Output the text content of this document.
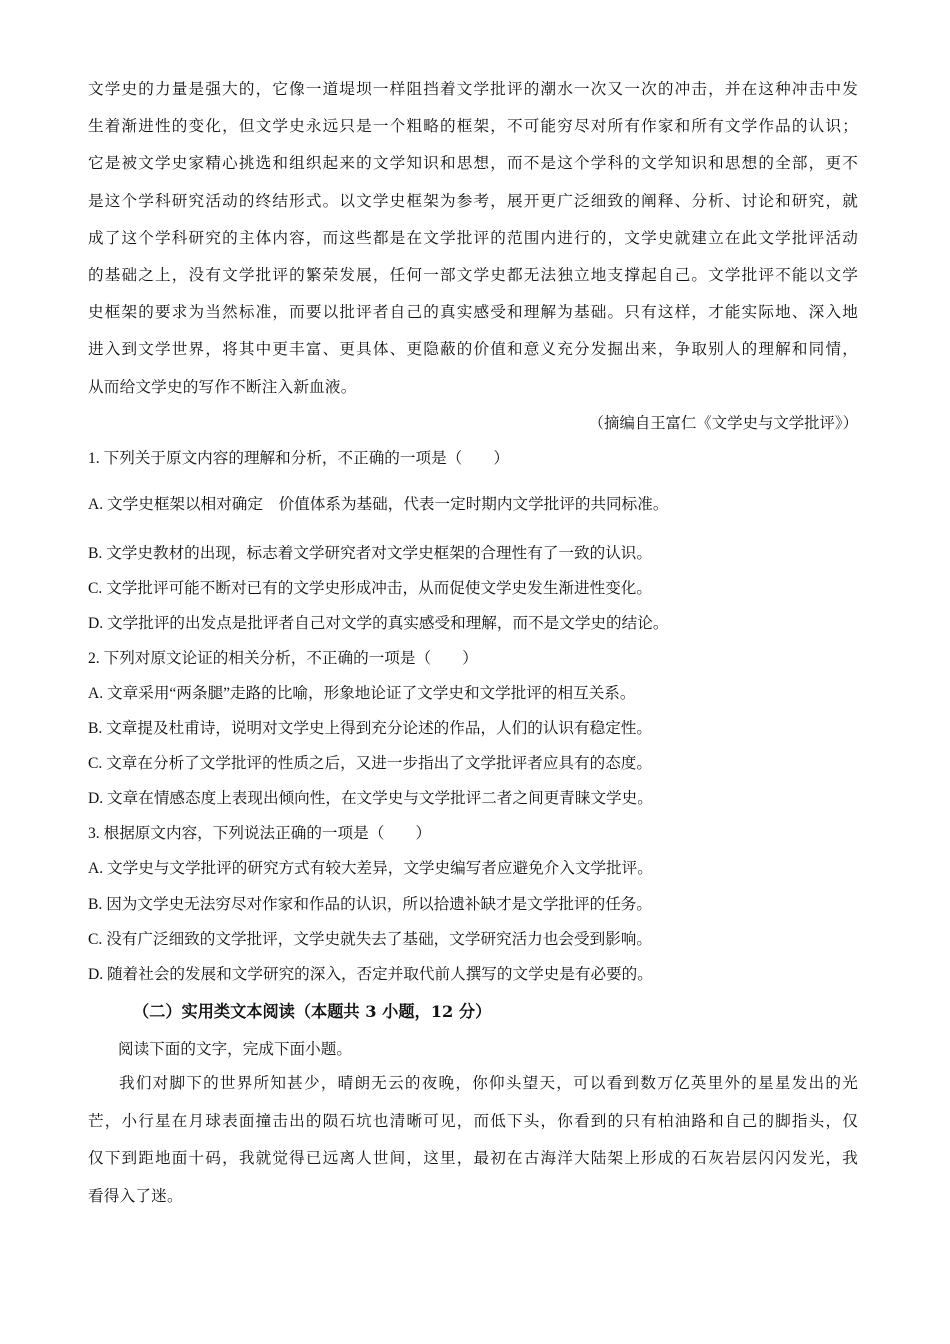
文学史的力量是强大的，它像一道堤坝一样阻挡着文学批评的潮水一次又一次的冲击，并在这种冲击中发
生着渐进性的变化，但文学史永远只是一个粗略的框架，不可能穷尽对所有作家和所有文学作品的认识；
它是被文学史家精心挑选和组织起来的文学知识和思想，而不是这个学科的文学知识和思想的全部，更不
是这个学科研究活动的终结形式。以文学史框架为参考，展开更广泛细致的阐释、分析、讨论和研究，就
成了这个学科研究的主体内容，而这些都是在文学批评的范围内进行的，文学史就建立在此文学批评活动
的基础之上，没有文学批评的繁荣发展，任何一部文学史都无法独立地支撑起自己。文学批评不能以文学
史框架的要求为当然标准，而要以批评者自己的真实感受和理解为基础。只有这样，才能实际地、深入地
进入到文学世界，将其中更丰富、更具体、更隐蔽的价值和意义充分发掘出来，争取别人的理解和同情，
从而给文学史的写作不断注入新血液。
（摘编自王富仁《文学史与文学批评》）
1. 下列关于原文内容的理解和分析，不正确的一项是（　　）
A. 文学史框架以相对确定　价值体系为基础，代表一定时期内文学批评的共同标准。
B. 文学史教材的出现，标志着文学研究者对文学史框架的合理性有了一致的认识。
C. 文学批评可能不断对已有的文学史形成冲击，从而促使文学史发生渐进性变化。
D. 文学批评的出发点是批评者自己对文学的真实感受和理解，而不是文学史的结论。
2. 下列对原文论证的相关分析，不正确的一项是（　　）
A. 文章采用“两条腿”走路的比喻，形象地论证了文学史和文学批评的相互关系。
B. 文章提及杜甫诗，说明对文学史上得到充分论述的作品，人们的认识有稳定性。
C. 文章在分析了文学批评的性质之后，又进一步指出了文学批评者应具有的态度。
D. 文章在情感态度上表现出倾向性，在文学史与文学批评二者之间更青睐文学史。
3. 根据原文内容，下列说法正确的一项是（　　）
A. 文学史与文学批评的研究方式有较大差异，文学史编写者应避免介入文学批评。
B. 因为文学史无法穷尽对作家和作品的认识，所以拾遗补缺才是文学批评的任务。
C. 没有广泛细致的文学批评，文学史就失去了基础，文学研究活力也会受到影响。
D. 随着社会的发展和文学研究的深入，否定并取代前人撰写的文学史是有必要的。
（二）实用类文本阅读（本题共 3 小题，12 分）
阅读下面的文字，完成下面小题。
我们对脚下的世界所知甚少，晴朗无云的夜晚，你仰头望天，可以看到数万亿英里外的星星发出的光
芒，小行星在月球表面撞击出的陨石坑也清晰可见，而低下头，你看到的只有柏油路和自己的脚指头，仅
仅下到距地面十码，我就觉得已远离人世间，这里，最初在古海洋大陆架上形成的石灰岩层闪闪发光，我
看得入了迷。
